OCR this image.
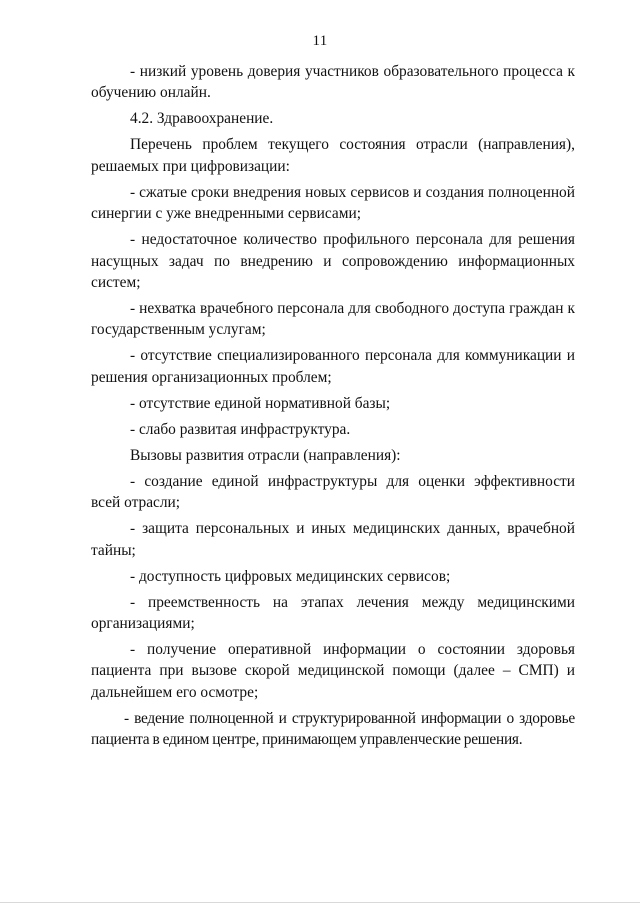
11

- низкий уровень доверия участников образовательного процесса к обучению онлайн.

4.2. Здравоохранение.

Перечень проблем текущего состояния отрасли (направления), решаемых при цифровизации:

- сжатые сроки внедрения новых сервисов и создания полноценной синергии с уже внедренными сервисами;

- недостаточное количество профильного персонала для решения насущных задач по внедрению и сопровождению информационных систем;

- нехватка врачебного персонала для свободного доступа граждан к государственным услугам;

- отсутствие специализированного персонала для коммуникации и решения организационных проблем;

- отсутствие единой нормативной базы;

- слабо развитая инфраструктура.

Вызовы развития отрасли (направления):

- создание единой инфраструктуры для оценки эффективности всей отрасли;

- защита персональных и иных медицинских данных, врачебной тайны;

- доступность цифровых медицинских сервисов;

- преемственность на этапах лечения между медицинскими организациями;

- получение оперативной информации о состоянии здоровья пациента при вызове скорой медицинской помощи (далее – СМП) и дальнейшем его осмотре;

- ведение полноценной и структурированной информации о здоровье пациента в едином центре, принимающем управленческие решения.
